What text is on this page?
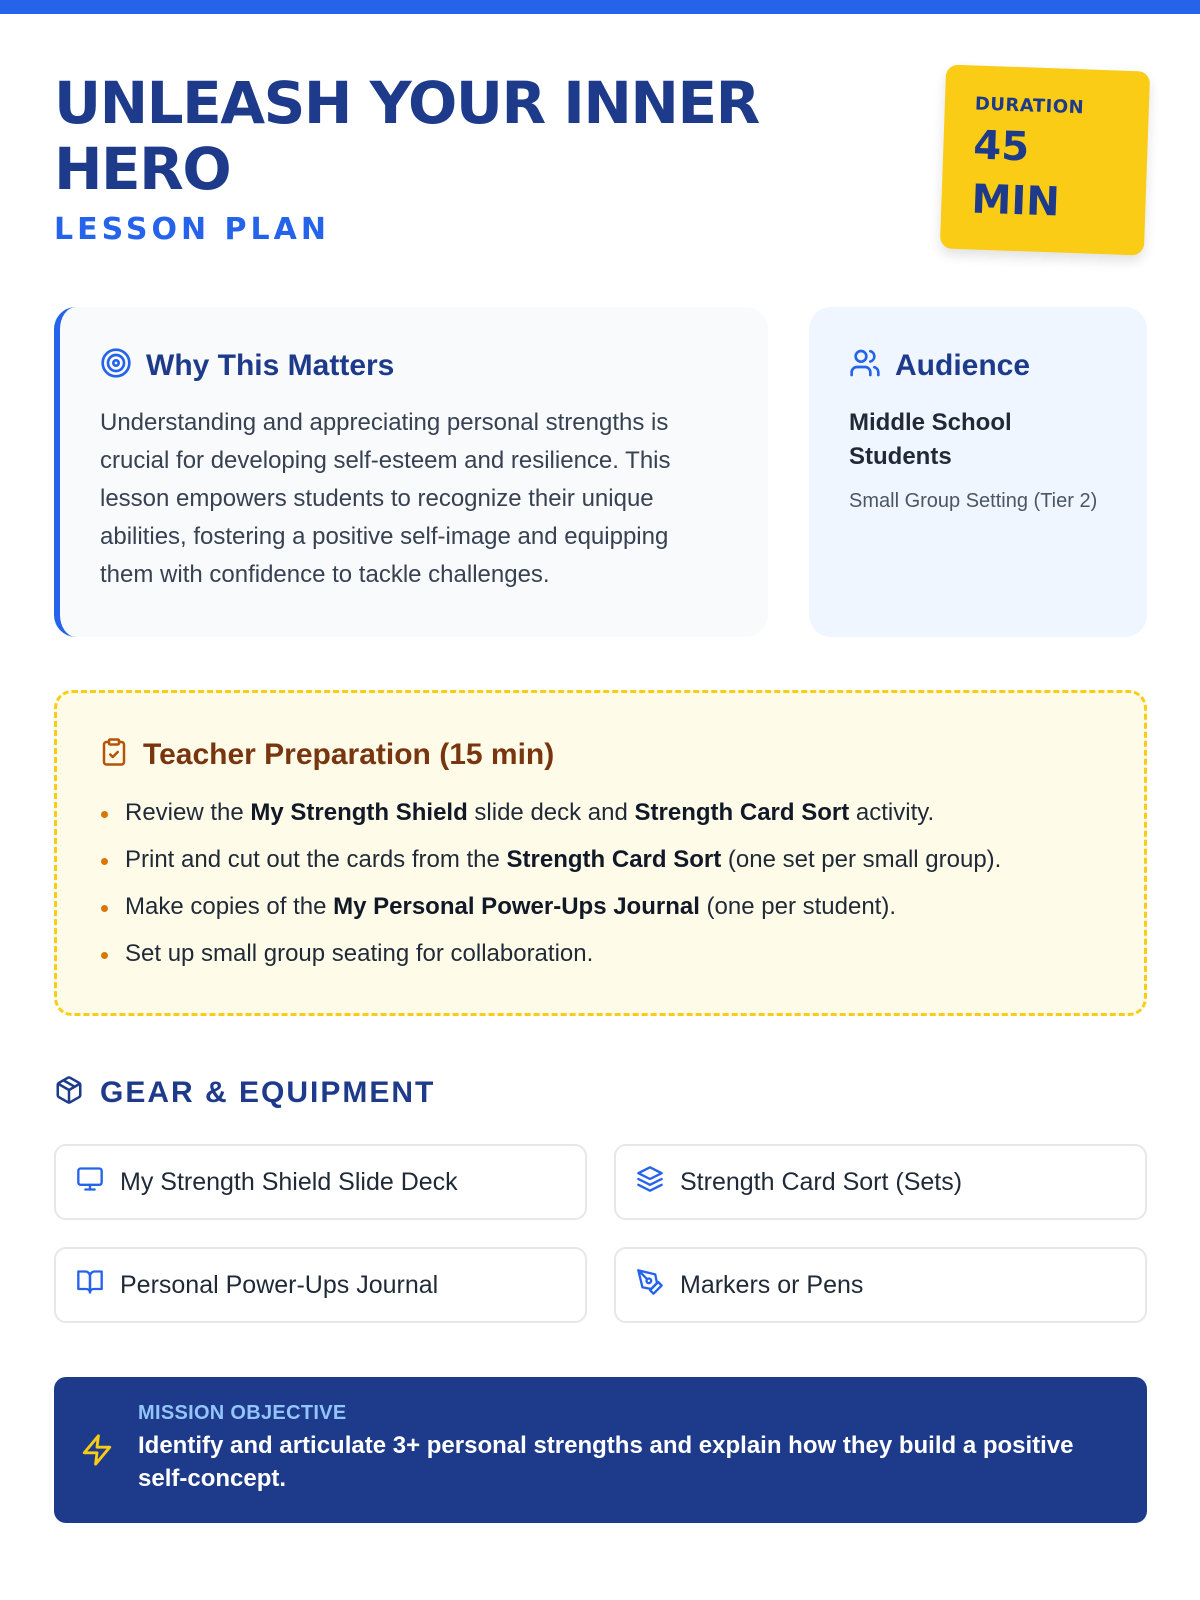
UNLEASH YOUR INNER HERO
LESSON PLAN
DURATION
45 MIN
Why This Matters

Understanding and appreciating personal strengths is crucial for developing self-esteem and resilience. This lesson empowers students to recognize their unique abilities, fostering a positive self-image and equipping them with confidence to tackle challenges.

Audience
Middle School Students
Small Group Setting (Tier 2)
Teacher Preparation (15 min)
Review the My Strength Shield slide deck and Strength Card Sort activity.
Print and cut out the cards from the Strength Card Sort (one set per small group).
Make copies of the My Personal Power-Ups Journal (one per student).
Set up small group seating for collaboration.
GEAR & EQUIPMENT
My Strength Shield Slide Deck	Strength Card Sort (Sets)
Personal Power-Ups Journal	Markers or Pens
MISSION OBJECTIVE
Identify and articulate 3+ personal strengths and explain how they build a positive self-concept.
